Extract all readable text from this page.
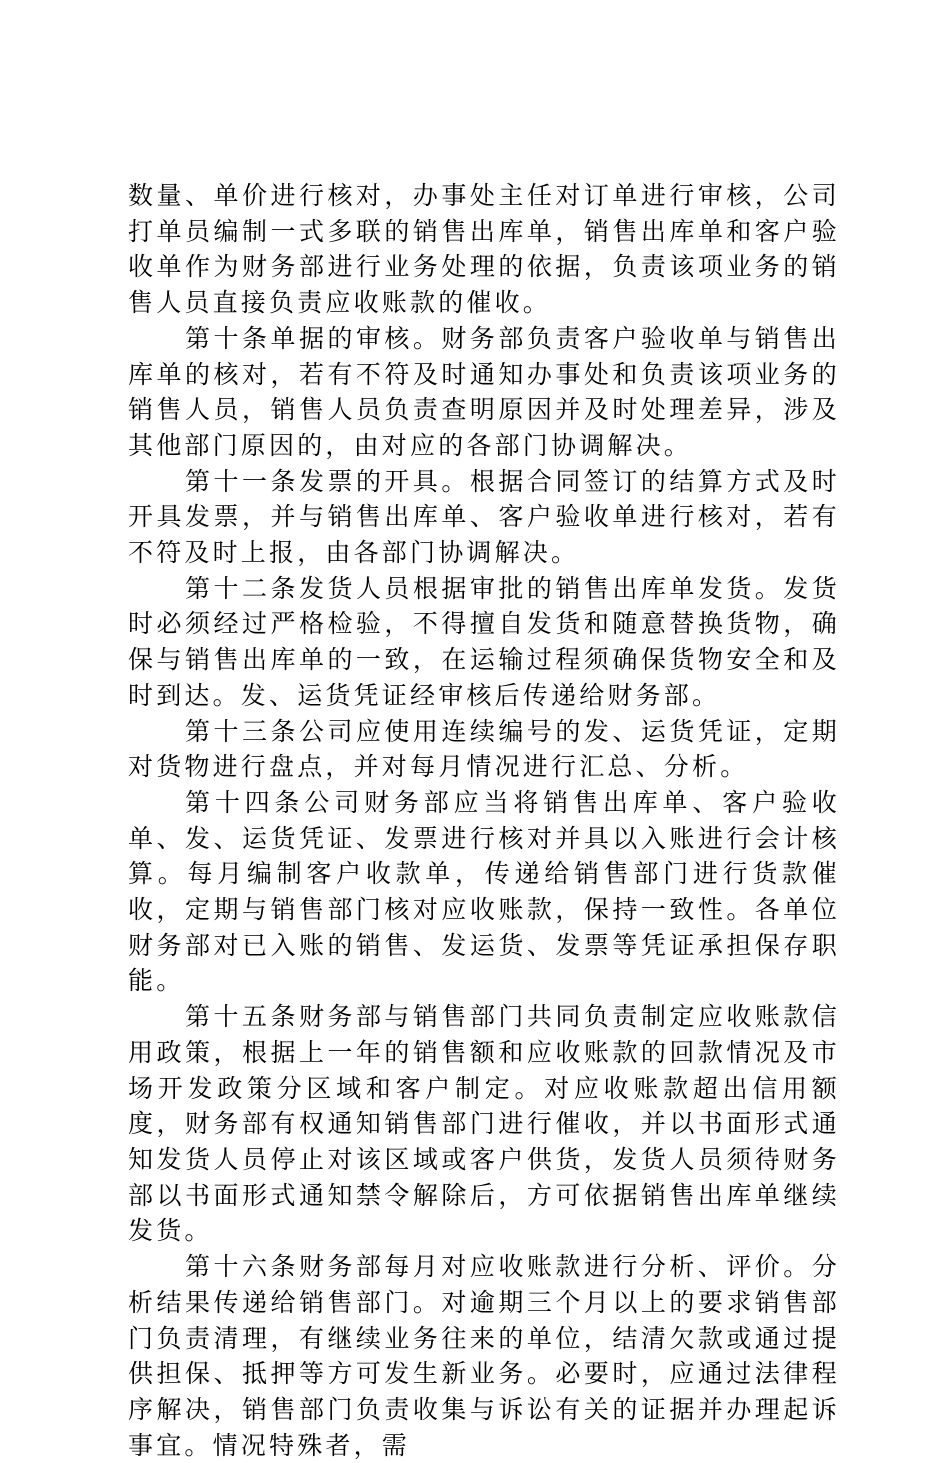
数量、单价进行核对，办事处主任对订单进行审核，公司打单员编制一式多联的销售出库单，销售出库单和客户验收单作为财务部进行业务处理的依据，负责该项业务的销售人员直接负责应收账款的催收。

第十条单据的审核。财务部负责客户验收单与销售出库单的核对，若有不符及时通知办事处和负责该项业务的销售人员，销售人员负责查明原因并及时处理差异，涉及其他部门原因的，由对应的各部门协调解决。

第十一条发票的开具。根据合同签订的结算方式及时开具发票，并与销售出库单、客户验收单进行核对，若有不符及时上报，由各部门协调解决。

第十二条发货人员根据审批的销售出库单发货。发货时必须经过严格检验，不得擅自发货和随意替换货物，确保与销售出库单的一致，在运输过程须确保货物安全和及时到达。发、运货凭证经审核后传递给财务部。

第十三条公司应使用连续编号的发、运货凭证，定期对货物进行盘点，并对每月情况进行汇总、分析。

第十四条公司财务部应当将销售出库单、客户验收单、发、运货凭证、发票进行核对并具以入账进行会计核算。每月编制客户收款单，传递给销售部门进行货款催收，定期与销售部门核对应收账款，保持一致性。各单位财务部对已入账的销售、发运货、发票等凭证承担保存职能。

第十五条财务部与销售部门共同负责制定应收账款信用政策，根据上一年的销售额和应收账款的回款情况及市场开发政策分区域和客户制定。对应收账款超出信用额度，财务部有权通知销售部门进行催收，并以书面形式通知发货人员停止对该区域或客户供货，发货人员须待财务部以书面形式通知禁令解除后，方可依据销售出库单继续发货。

第十六条财务部每月对应收账款进行分析、评价。分析结果传递给销售部门。对逾期三个月以上的要求销售部门负责清理，有继续业务往来的单位，结清欠款或通过提供担保、抵押等方可发生新业务。必要时，应通过法律程序解决，销售部门负责收集与诉讼有关的证据并办理起诉事宜。情况特殊者，需
